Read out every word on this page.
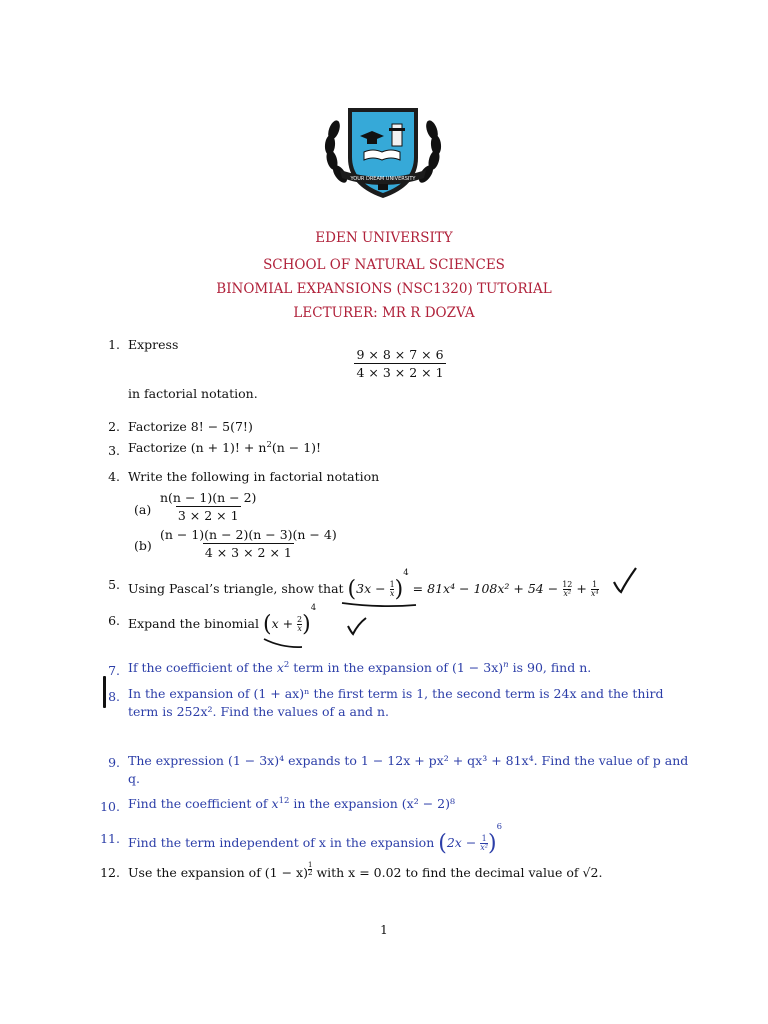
YOUR DREAM UNIVERSITY
EDEN UNIVERSITY
SCHOOL OF NATURAL SCIENCES
BINOMIAL EXPANSIONS (NSC1320) TUTORIAL
LECTURER: MR R DOZVA
1. Express
$\frac{9 \times 8 \times 7 \times 6}{4 \times 3 \times 2 \times 1}$
in factorial notation.
2. Factorize 8! − 5(7!)
3. Factorize (n + 1)! + $n^2(n - 1)$!
4. Write the following in factorial notation
$(a) \frac{n(n - 1)(n - 2)}{3 \times 2 \times 1}$
$(b) \frac{(n - 1)(n - 2)(n - 3)(n - 4)}{4 \times 3 \times 2 \times 1}$
5. Using Pascal’s triangle, show that $(3x - \frac{1}{x} )^4 = 81x^4 - 108x^2 + 54 - \frac{12}{\text{x²}} + \frac{1}{\text{x⁴}}$
6. Expand the binomial $(x + \frac{2}{x} )^4$
7. If the coefficient of the $x^2$ term in the expansion of $(1 - 3x)^n$ is 90, find n.
8. In the expansion of (1 + ax)ⁿ the first term is 1, the second term is 24x and the third
term is 252x². Find the values of a and n.
9. The expression (1 − 3x)⁴ expands to 1 − 12x + px² + qx³ + 81x⁴. Find the value of p and
q.
10. Find the coefficient of $x^{12}$ in the expansion (x² − 2)⁸
11. Find the term independent of x in the expansion $(2x - \frac{1}{\text{x²}} )^6$
12. Use the expansion of (1 − x) $^{\frac{1}{2}}$ with x = 0.02 to find the decimal value of √2.
1
